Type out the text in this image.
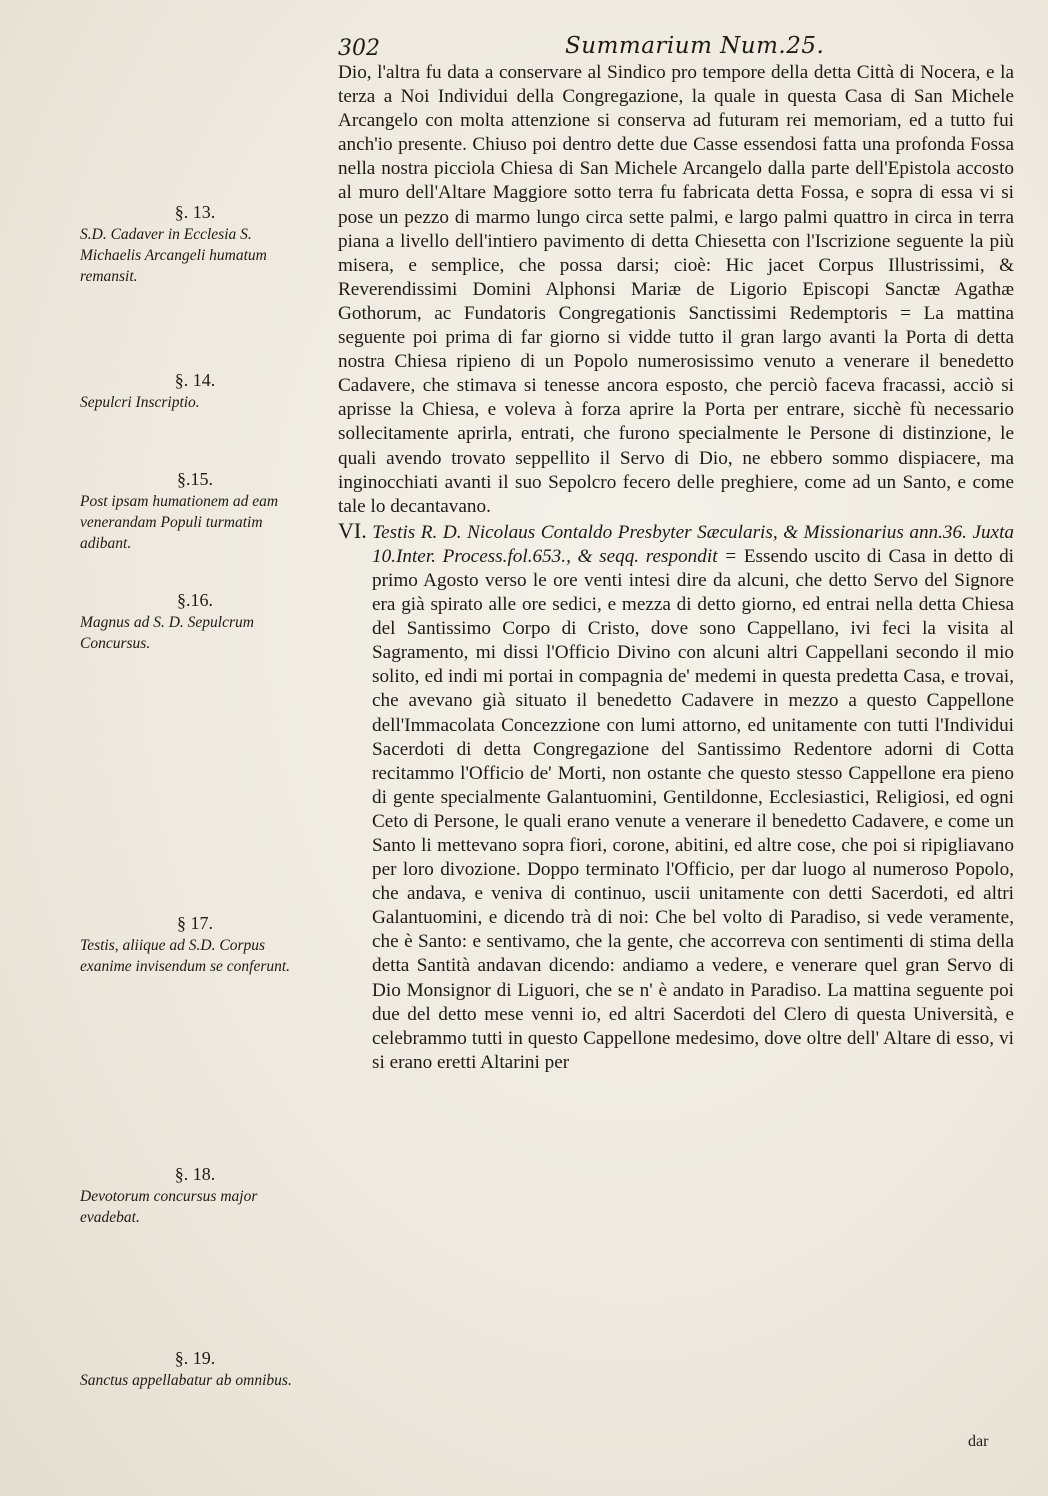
302	Summarium Num.25.
§. 13.
S.D. Cadaver in Ecclesia S. Michaelis Arcangeli humatum remansit.
§. 14.
Sepulcri Inscriptio.
§.15.
Post ipsam humationem ad eam venerandam Populi turmatim adibant.
§.16.
Magnus ad S. D. Sepulcrum Concursus.
§ 17.
Testis, aliique ad S.D. Corpus exanime invisendum se conferunt.
§. 18.
Devotorum concursus major evadebat.
§. 19.
Sanctus appellabatur ab omnibus.

Dio, l'altra fu data a conservare al Sindico pro tempore della detta Città di Nocera, e la terza a Noi Individui della Congregazione, la quale in questa Casa di San Michele Arcangelo con molta attenzione si conserva ad futuram rei memoriam, ed a tutto fui anch'io presente. Chiuso poi dentro dette due Casse essendosi fatta una profonda Fossa nella nostra picciola Chiesa di San Michele Arcangelo dalla parte dell'Epistola accosto al muro dell'Altare Maggiore sotto terra fu fabricata detta Fossa, e sopra di essa vi si pose un pezzo di marmo lungo circa sette palmi, e largo palmi quattro in circa in terra piana a livello dell'intiero pavimento di detta Chiesetta con l'Iscrizione seguente la più misera, e semplice, che possa darsi; cioè: Hic jacet Corpus Illustrissimi, & Reverendissimi Domini Alphonsi Mariæ de Ligorio Episcopi Sanctæ Agathæ Gothorum, ac Fundatoris Congregationis Sanctissimi Redemptoris = La mattina seguente poi prima di far giorno si vidde tutto il gran largo avanti la Porta di detta nostra Chiesa ripieno di un Popolo numerosissimo venuto a venerare il benedetto Cadavere, che stimava si tenesse ancora esposto, che perciò faceva fracassi, acciò si aprisse la Chiesa, e voleva à forza aprire la Porta per entrare, sicchè fù necessario sollecitamente aprirla, entrati, che furono specialmente le Persone di distinzione, le quali avendo trovato seppellito il Servo di Dio, ne ebbero sommo dispiacere, ma inginocchiati avanti il suo Sepolcro fecero delle preghiere, come ad un Santo, e come tale lo decantavano.

VI. Testis R. D. Nicolaus Contaldo Presbyter Sæcularis, & Missionarius ann.36. Juxta 10.Inter. Process.fol.653., & seqq. respondit = Essendo uscito di Casa in detto di primo Agosto verso le ore venti intesi dire da alcuni, che detto Servo del Signore era già spirato alle ore sedici, e mezza di detto giorno, ed entrai nella detta Chiesa del Santissimo Corpo di Cristo, dove sono Cappellano, ivi feci la visita al Sagramento, mi dissi l'Officio Divino con alcuni altri Cappellani secondo il mio solito, ed indi mi portai in compagnia de' medemi in questa predetta Casa, e trovai, che avevano già situato il benedetto Cadavere in mezzo a questo Cappellone dell'Immacolata Concezzione con lumi attorno, ed unitamente con tutti l'Individui Sacerdoti di detta Congregazione del Santissimo Redentore adorni di Cotta recitammo l'Officio de' Morti, non ostante che questo stesso Cappellone era pieno di gente specialmente Galantuomini, Gentildonne, Ecclesiastici, Religiosi, ed ogni Ceto di Persone, le quali erano venute a venerare il benedetto Cadavere, e come un Santo li mettevano sopra fiori, corone, abitini, ed altre cose, che poi si ripigliavano per loro divozione. Doppo terminato l'Officio, per dar luogo al numeroso Popolo, che andava, e veniva di continuo, uscii unitamente con detti Sacerdoti, ed altri Galantuomini, e dicendo trà di noi: Che bel volto di Paradiso, si vede veramente, che è Santo: e sentivamo, che la gente, che accorreva con sentimenti di stima della detta Santità andavan dicendo: andiamo a vedere, e venerare quel gran Servo di Dio Monsignor di Liguori, che se n' è andato in Paradiso. La mattina seguente poi due del detto mese venni io, ed altri Sacerdoti del Clero di questa Università, e celebrammo tutti in questo Cappellone medesimo, dove oltre dell' Altare di esso, vi si erano eretti Altarini per

dar
